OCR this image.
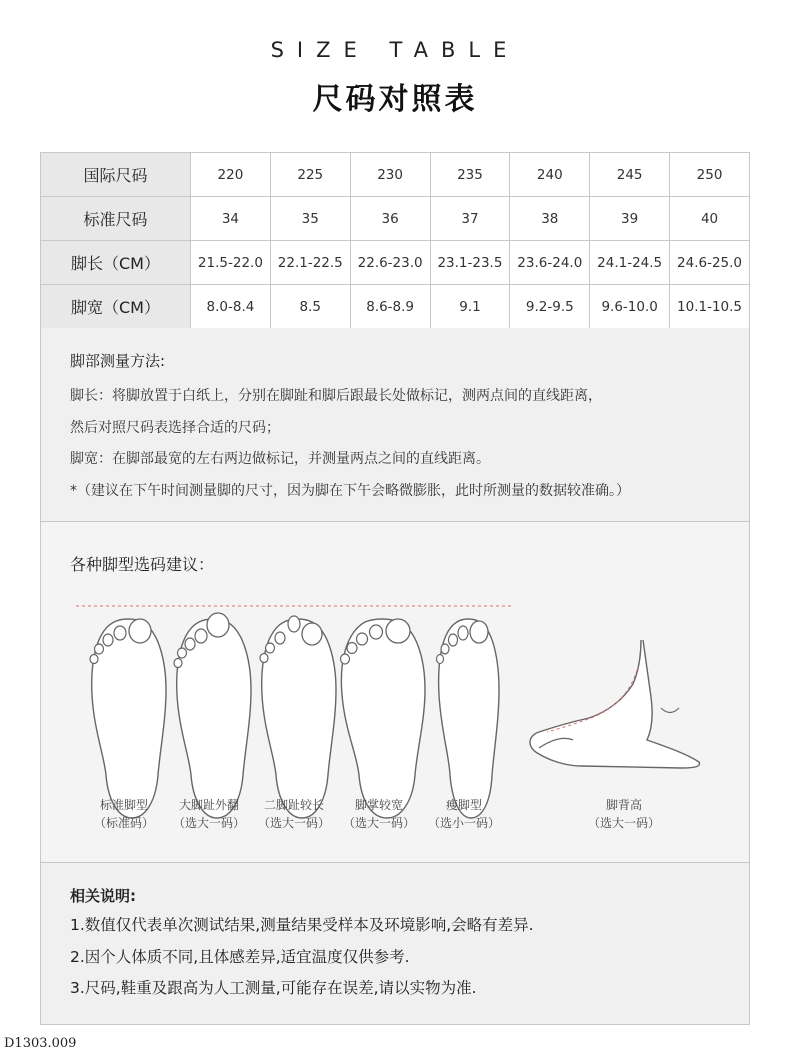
SIZE TABLE
尺码对照表
国际尺码	220	225	230	235	240	245	250
标准尺码	34	35	36	37	38	39	40
脚长（CM）	21.5-22.0	22.1-22.5	22.6-23.0	23.1-23.5	23.6-24.0	24.1-24.5	24.6-25.0
脚宽（CM）	8.0-8.4	8.5	8.6-8.9	9.1	9.2-9.5	9.6-10.0	10.1-10.5
脚部测量方法:

脚长：将脚放置于白纸上，分别在脚趾和脚后跟最长处做标记，测两点间的直线距离，

然后对照尺码表选择合适的尺码；

脚宽：在脚部最宽的左右两边做标记，并测量两点之间的直线距离。

*（建议在下午时间测量脚的尺寸，因为脚在下午会略微膨胀，此时所测量的数据较准确。）

各种脚型选码建议：
标准脚型
（标准码）
大脚趾外翻
（选大一码）
二脚趾较长
（选大一码）
脚掌较宽
（选大一码）
瘦脚型
（选小一码）
脚背高
（选大一码）
相关说明:

1.数值仅代表单次测试结果,测量结果受样本及环境影响,会略有差异.

2.因个人体质不同,且体感差异,适宜温度仅供参考.

3.尺码,鞋重及跟高为人工测量,可能存在误差,请以实物为准.

D1303.009
